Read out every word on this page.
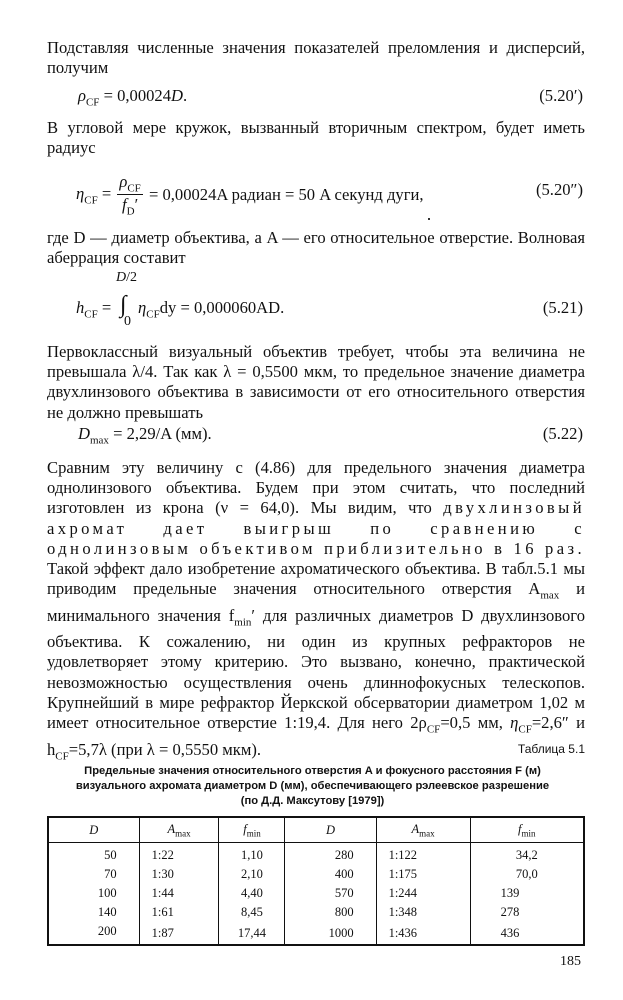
Подставляя численные значения показателей преломления и дисперсий, получим
$\rho_{CF} = 0,00024D$.	(5.20′)
В угловой мере кружок, вызванный вторичным спектром, будет иметь радиус
$\eta_{CF}$ =
$\rho_{CF}$
$f_D'$
= 0,00024A радиан = 50 A секунд дуги,	(5.20″)
где D — диаметр объектива, а A — его относительное отверстие. Волновая аберрация составит
D/2
$h_{CF}$ = ∫
0
$\eta_{CF}dy = 0,000060AD$.	(5.21)
Первоклассный визуальный объектив требует, чтобы эта величина не превышала λ/4. Так как λ = 0,5500 мкм, то предельное значение диаметра двухлинзового объектива в зависимости от его относительного отверстия не должно превышать
$D_{max} = 2,29/A$ (мм).	(5.22)
Сравним эту величину с (4.86) для предельного значения диаметра однолинзового объектива. Будем при этом считать, что последний изготовлен из крона (ν = 64,0). Мы видим, что двухлинзовый ахромат дает выигрыш по сравнению с однолинзовым объективом приблизительно в 16 раз. Такой эффект дало изобретение ахроматического объектива. В табл.5.1 мы приводим предельные значения относительного отверстия $A_{max}$ и минимального значения $f_{min}'$ для различных диаметров D двухлинзового объектива. К сожалению, ни один из крупных рефракторов не удовлетворяет этому критерию. Это вызвано, конечно, практической невозможностью осуществления очень длиннофокусных телескопов. Крупнейший в мире рефрактор Йеркской обсерватории диаметром 1,02 м имеет относительное отверстие 1:19,4. Для него $2\rho_{CF}=0,5$ мм, $\eta_{CF}=2,6''$ и $h_{CF}=5,7\lambda$ (при λ = 0,5550 мкм).	Таблица 5.1
Предельные значения относительного отверстия A и фокусного расстояния F (м)
визуального ахромата диаметром D (мм), обеспечивающего рэлеевское разрешение
(по Д.Д. Максутову [1979])
D	$A_{max}$	$f_{min}$	D	$A_{max}$	$f_{min}$
50	1:22	1,10	280	1:122	34,2
70	1:30	2,10	400	1:175	70,0
100	1:44	4,40	570	1:244	139
140	1:61	8,45	800	1:348	278
200	1:87	17,44	1000	1:436	436
185
